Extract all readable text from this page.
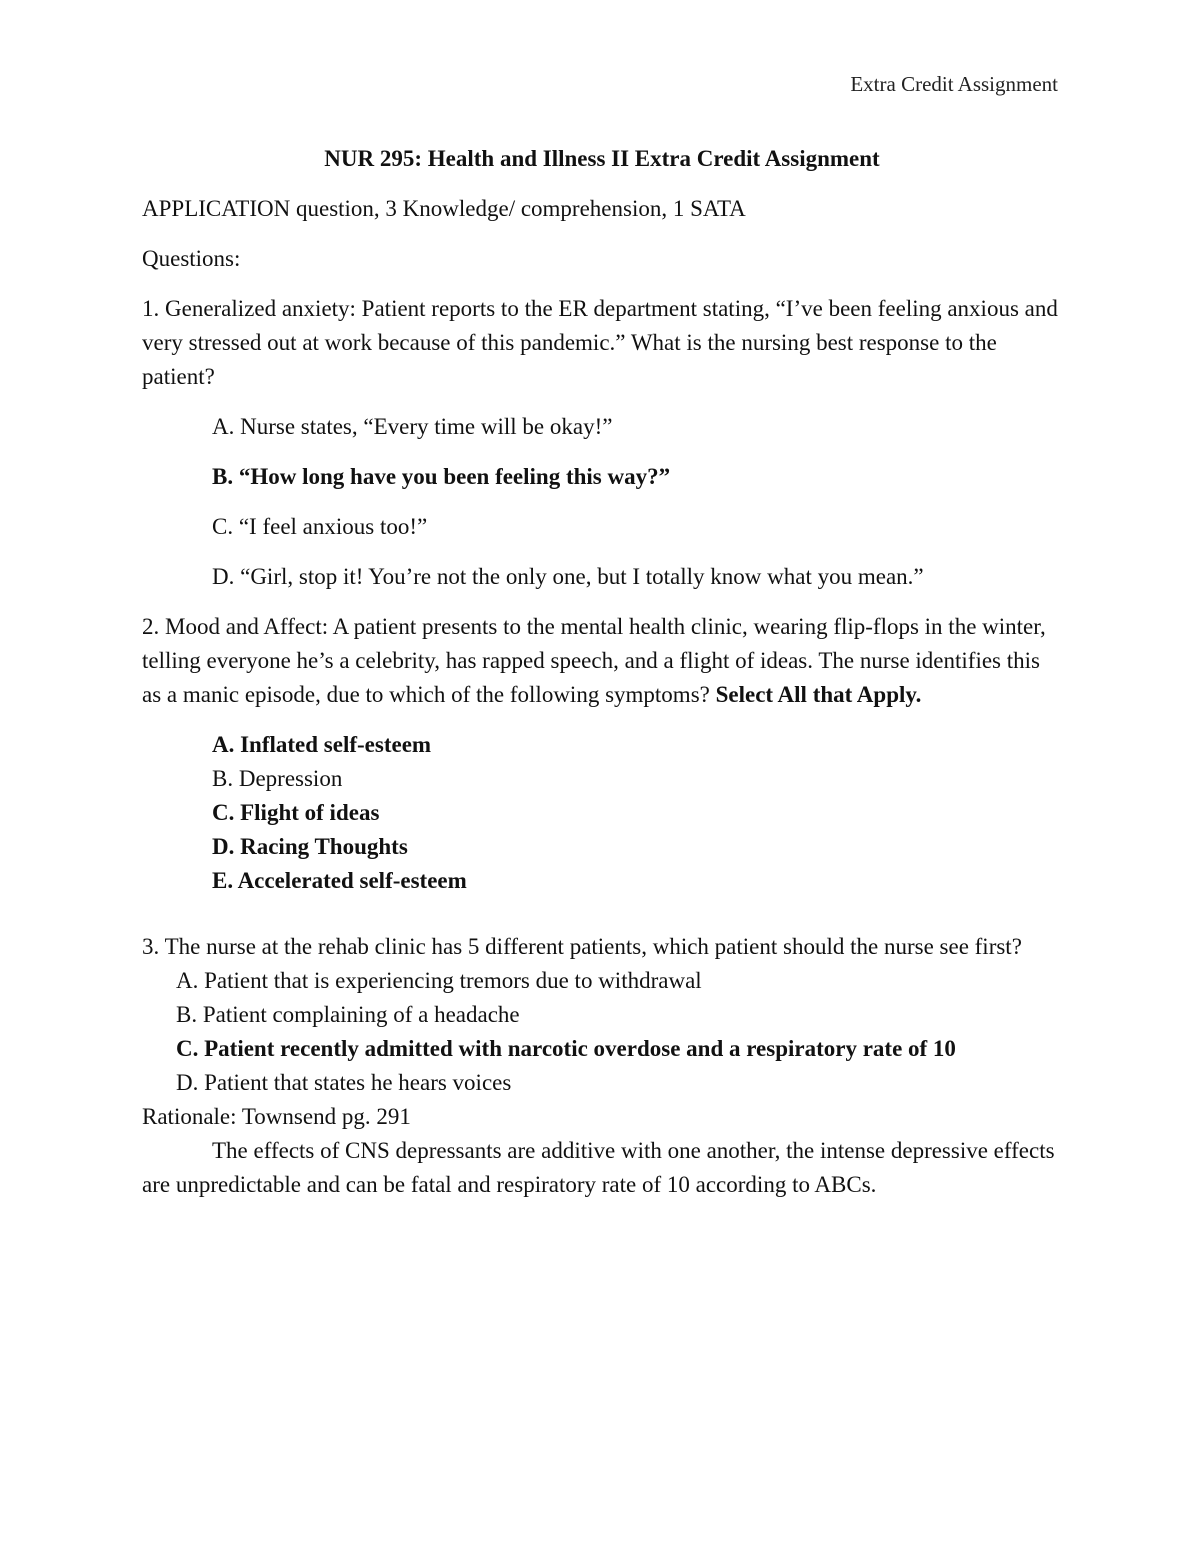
Extra Credit Assignment

NUR 295: Health and Illness II Extra Credit Assignment

APPLICATION question, 3 Knowledge/ comprehension, 1 SATA

Questions:

1. Generalized anxiety: Patient reports to the ER department stating, “I’ve been feeling anxious and very stressed out at work because of this pandemic.” What is the nursing best response to the patient?

A. Nurse states, “Every time will be okay!”
B. “How long have you been feeling this way?”
C. “I feel anxious too!”
D. “Girl, stop it! You’re not the only one, but I totally know what you mean.”

2. Mood and Affect: A patient presents to the mental health clinic, wearing flip-flops in the winter, telling everyone he’s a celebrity, has rapped speech, and a flight of ideas. The nurse identifies this as a manic episode, due to which of the following symptoms? Select All that Apply.

A. Inflated self-esteem
B. Depression
C. Flight of ideas
D. Racing Thoughts
E. Accelerated self-esteem

3. The nurse at the rehab clinic has 5 different patients, which patient should the nurse see first?

A. Patient that is experiencing tremors due to withdrawal
B. Patient complaining of a headache
C. Patient recently admitted with narcotic overdose and a respiratory rate of 10
D. Patient that states he hears voices

Rationale: Townsend pg. 291

The effects of CNS depressants are additive with one another, the intense depressive effects are unpredictable and can be fatal and respiratory rate of 10 according to ABCs.
